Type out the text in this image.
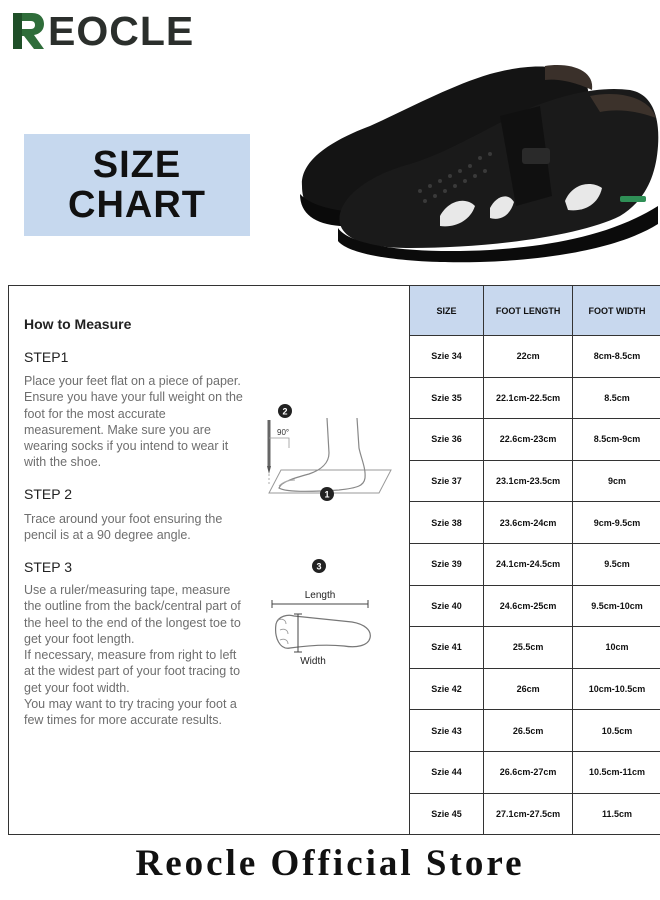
EOCLE
SIZE
CHART
How to Measure
STEP1
Place your feet flat on a piece of paper. Ensure you have your full weight on the foot for the most accurate measurement. Make sure you are wearing socks if you intend to wear it with the shoe.
STEP 2
Trace around your foot ensuring the pencil is at a 90 degree angle.
STEP 3
Use a ruler/measuring tape, measure the outline from the back/central part of the heel to the end of the longest toe to get your foot length.
If necessary, measure from right to left at the widest part of your foot tracing to get your foot width.
You may want to try tracing your foot a few times for more accurate results.
90°
2
1
3
Length
Width
SIZE	FOOT LENGTH	FOOT WIDTH
Szie 34	22cm	8cm-8.5cm
Szie 35	22.1cm-22.5cm	8.5cm
Szie 36	22.6cm-23cm	8.5cm-9cm
Szie 37	23.1cm-23.5cm	9cm
Szie 38	23.6cm-24cm	9cm-9.5cm
Szie 39	24.1cm-24.5cm	9.5cm
Szie 40	24.6cm-25cm	9.5cm-10cm
Szie 41	25.5cm	10cm
Szie 42	26cm	10cm-10.5cm
Szie 43	26.5cm	10.5cm
Szie 44	26.6cm-27cm	10.5cm-11cm
Szie 45	27.1cm-27.5cm	11.5cm
Reocle Official Store
